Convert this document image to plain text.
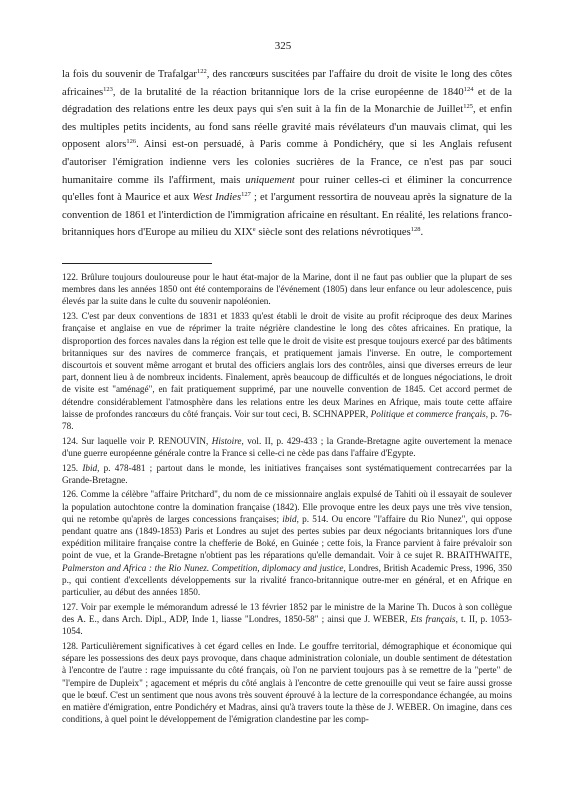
325

la fois du souvenir de Trafalgar$^{122}$, des rancœurs suscitées par l'affaire du droit de visite le long des côtes africaines$^{123}$, de la brutalité de la réaction britannique lors de la crise européenne de 1840$^{124}$ et de la dégradation des relations entre les deux pays qui s'en suit à la fin de la Monarchie de Juillet$^{125}$, et enfin des multiples petits incidents, au fond sans réelle gravité mais révélateurs d'un mauvais climat, qui les opposent alors$^{126}$. Ainsi est-on persuadé, à Paris comme à Pondichéry, que si les Anglais refusent d'autoriser l'émigration indienne vers les colonies sucrières de la France, ce n'est pas par souci humanitaire comme ils l'affirment, mais uniquement pour ruiner celles-ci et éliminer la concurrence qu'elles font à Maurice et aux West Indies$^{127}$ ; et l'argument ressortira de nouveau après la signature de la convention de 1861 et l'interdiction de l'immigration africaine en résultant. En réalité, les relations franco-britanniques hors d'Europe au milieu du XIXe siècle sont des relations névrotiques$^{128}$.

122. Brûlure toujours douloureuse pour le haut état-major de la Marine, dont il ne faut pas oublier que la plupart de ses membres dans les années 1850 ont été contemporains de l'événement (1805) dans leur enfance ou leur adolescence, puis élevés par la suite dans le culte du souvenir napoléonien.

123. C'est par deux conventions de 1831 et 1833 qu'est établi le droit de visite au profit réciproque des deux Marines française et anglaise en vue de réprimer la traite négrière clandestine le long des côtes africaines. En pratique, la disproportion des forces navales dans la région est telle que le droit de visite est presque toujours exercé par des bâtiments britanniques sur des navires de commerce français, et pratiquement jamais l'inverse. En outre, le comportement discourtois et souvent même arrogant et brutal des officiers anglais lors des contrôles, ainsi que diverses erreurs de leur part, donnent lieu à de nombreux incidents. Finalement, après beaucoup de difficultés et de longues négociations, le droit de visite est "aménagé", en fait pratiquement supprimé, par une nouvelle convention de 1845. Cet accord permet de détendre considérablement l'atmosphère dans les relations entre les deux Marines en Afrique, mais toute cette affaire laisse de profondes rancœurs du côté français. Voir sur tout ceci, B. SCHNAPPER, Politique et commerce français, p. 76-78.

124. Sur laquelle voir P. RENOUVIN, Histoire, vol. II, p. 429-433 ; la Grande-Bretagne agite ouvertement la menace d'une guerre européenne générale contre la France si celle-ci ne cède pas dans l'affaire d'Egypte.

125. Ibid, p. 478-481 ; partout dans le monde, les initiatives françaises sont systématiquement contrecarrées par la Grande-Bretagne.

126. Comme la célèbre "affaire Pritchard", du nom de ce missionnaire anglais expulsé de Tahiti où il essayait de soulever la population autochtone contre la domination française (1842). Elle provoque entre les deux pays une très vive tension, qui ne retombe qu'après de larges concessions françaises; ibid, p. 514. Ou encore "l'affaire du Rio Nunez", qui oppose pendant quatre ans (1849-1853) Paris et Londres au sujet des pertes subies par deux négociants britanniques lors d'une expédition militaire française contre la chefferie de Boké, en Guinée ; cette fois, la France parvient à faire prévaloir son point de vue, et la Grande-Bretagne n'obtient pas les réparations qu'elle demandait. Voir à ce sujet R. BRAITHWAITE, Palmerston and Africa : the Rio Nunez. Competition, diplomacy and justice, Londres, British Academic Press, 1996, 350 p., qui contient d'excellents développements sur la rivalité franco-britannique outre-mer en général, et en Afrique en particulier, au début des années 1850.

127. Voir par exemple le mémorandum adressé le 13 février 1852 par le ministre de la Marine Th. Ducos à son collègue des A. E., dans Arch. Dipl., ADP, Inde 1, liasse "Londres, 1850-58" ; ainsi que J. WEBER, Ets français, t. II, p. 1053-1054.

128. Particulièrement significatives à cet égard celles en Inde. Le gouffre territorial, démographique et économique qui sépare les possessions des deux pays provoque, dans chaque administration coloniale, un double sentiment de détestation à l'encontre de l'autre : rage impuissante du côté français, où l'on ne parvient toujours pas à se remettre de la "perte" de "l'empire de Dupleix" ; agacement et mépris du côté anglais à l'encontre de cette grenouille qui veut se faire aussi grosse que le bœuf. C'est un sentiment que nous avons très souvent éprouvé à la lecture de la correspondance échangée, au moins en matière d'émigration, entre Pondichéry et Madras, ainsi qu'à travers toute la thèse de J. WEBER. On imagine, dans ces conditions, à quel point le développement de l'émigration clandestine par les comp-
